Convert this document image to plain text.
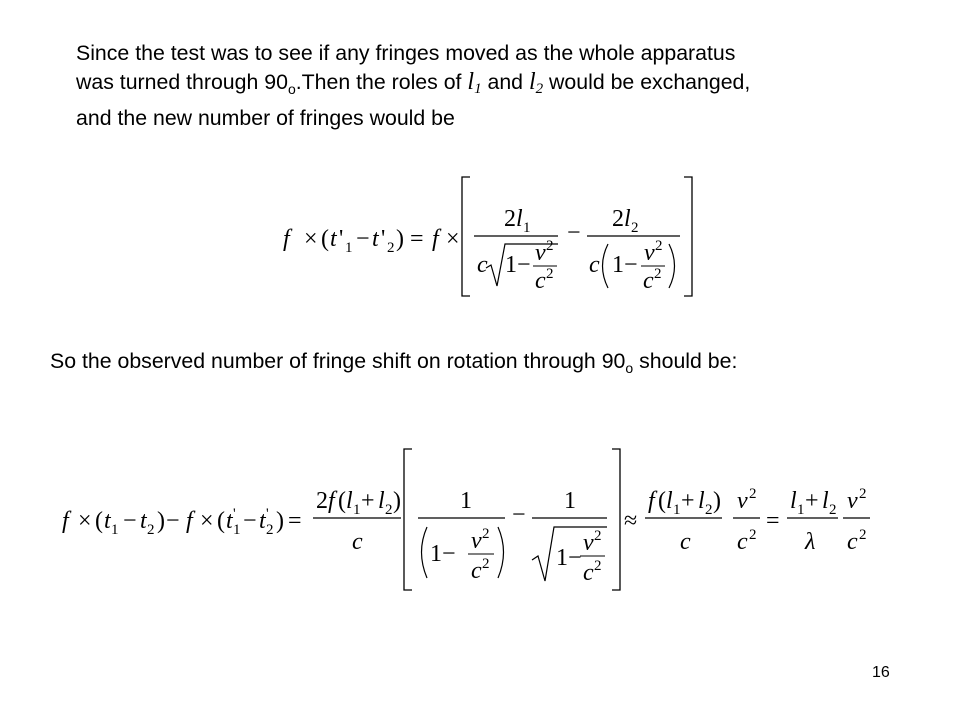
Since the test was to see if any fringes moved as the whole apparatus
was turned through $90_o.Then$ the roles of $l_1$ and $l_2$ would be exchanged,
and the new number of fringes would be

f × ( t ' 1 − t ' 2 ) = f ×
2 l 1
c 1 − v 2
c 2
−
2 l 2
c 1 − v 2
c 2

So the observed number of fringe shift on rotation through $90_o$ should be:

f × ( t 1 − t 2 ) − f × ( t '
1 − t '
2 ) =
2 f ( l 1 + l 2 )
c
1
1 − v 2
c 2
−
1
1 −
v 2
c 2
≈
f ( l 1 + l 2 )
c
v 2
c 2
=
l 1 + l 2
λ
v 2
c 2
16
